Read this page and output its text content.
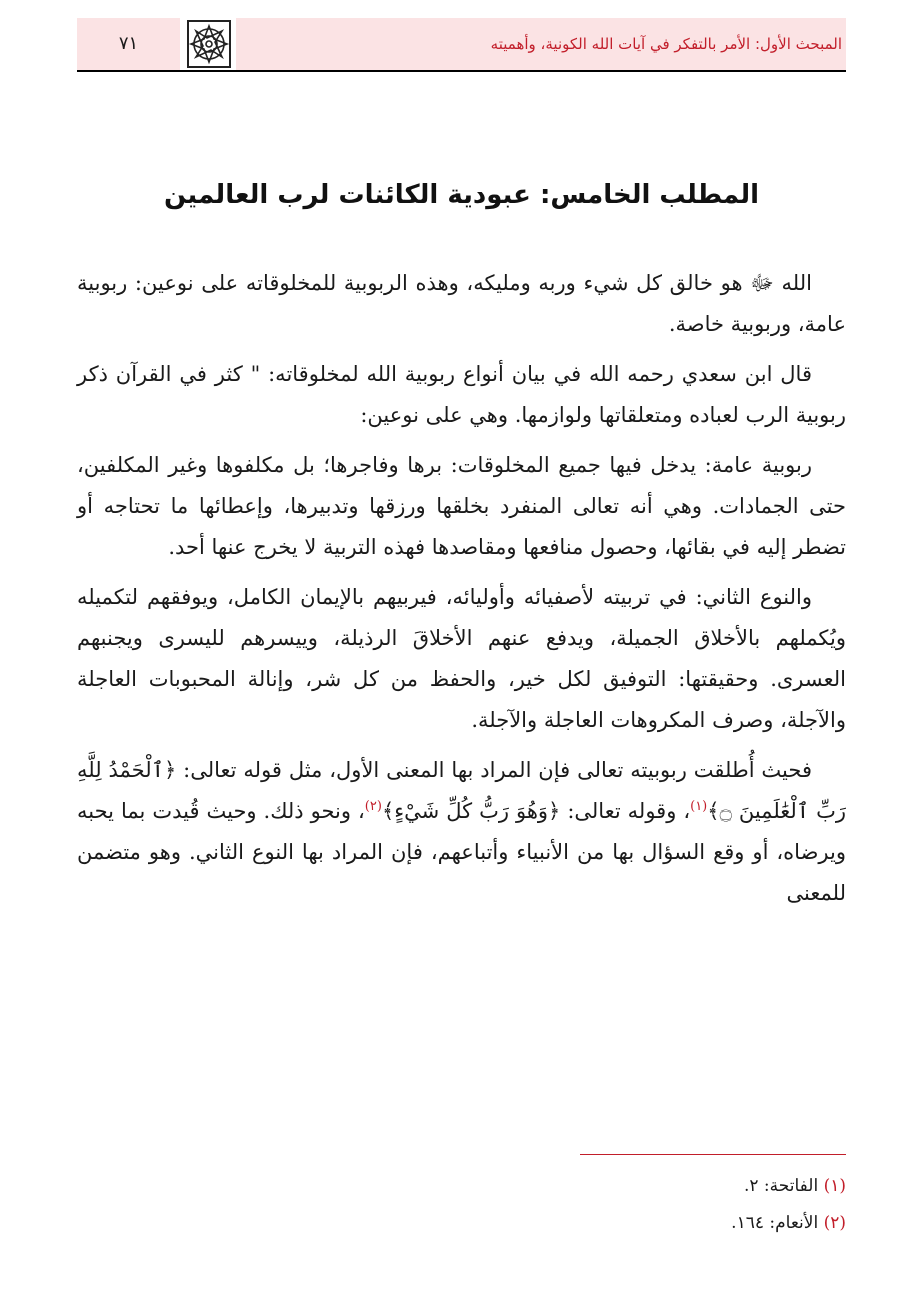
المبحث الأول: الأمر بالتفكر في آيات الله الكونية، وأهميته
٧١
المطلب الخامس: عبودية الكائنات لرب العالمين

الله ﷻ هو خالق كل شيء وربه ومليكه، وهذه الربوبية للمخلوقاته على نوعين: ربوبية عامة، وربوبية خاصة.

قال ابن سعدي رحمه الله في بيان أنواع ربوبية الله لمخلوقاته: " كثر في القرآن ذكر ربوبية الرب لعباده ومتعلقاتها ولوازمها. وهي على نوعين:

ربوبية عامة: يدخل فيها جميع المخلوقات: برها وفاجرها؛ بل مكلفوها وغير المكلفين، حتى الجمادات. وهي أنه تعالى المنفرد بخلقها ورزقها وتدبيرها، وإعطائها ما تحتاجه أو تضطر إليه في بقائها، وحصول منافعها ومقاصدها فهذه التربية لا يخرج عنها أحد.

والنوع الثاني: في تربيته لأصفيائه وأوليائه، فيربيهم بالإيمان الكامل، ويوفقهم لتكميله ويُكملهم بالأخلاق الجميلة، ويدفع عنهم الأخلاقَ الرذيلة، وييسرهم لليسرى ويجنبهم العسرى. وحقيقتها: التوفيق لكل خير، والحفظ من كل شر، وإنالة المحبوبات العاجلة والآجلة، وصرف المكروهات العاجلة والآجلة.

فحيث أُطلقت ربوبيته تعالى فإن المراد بها المعنى الأول، مثل قوله تعالى: ﴿ٱلْحَمْدُ لِلَّهِ رَبِّ ٱلْعَٰلَمِينَ ۝﴾$^{(١)}$، وقوله تعالى: ﴿وَهُوَ رَبُّ كُلِّ شَيْءٍ﴾$^{(٢)}$، ونحو ذلك. وحيث قُيدت بما يحبه ويرضاه، أو وقع السؤال بها من الأنبياء وأتباعهم، فإن المراد بها النوع الثاني. وهو متضمن للمعنى

(١) الفاتحة: ٢.
(٢) الأنعام: ١٦٤.
